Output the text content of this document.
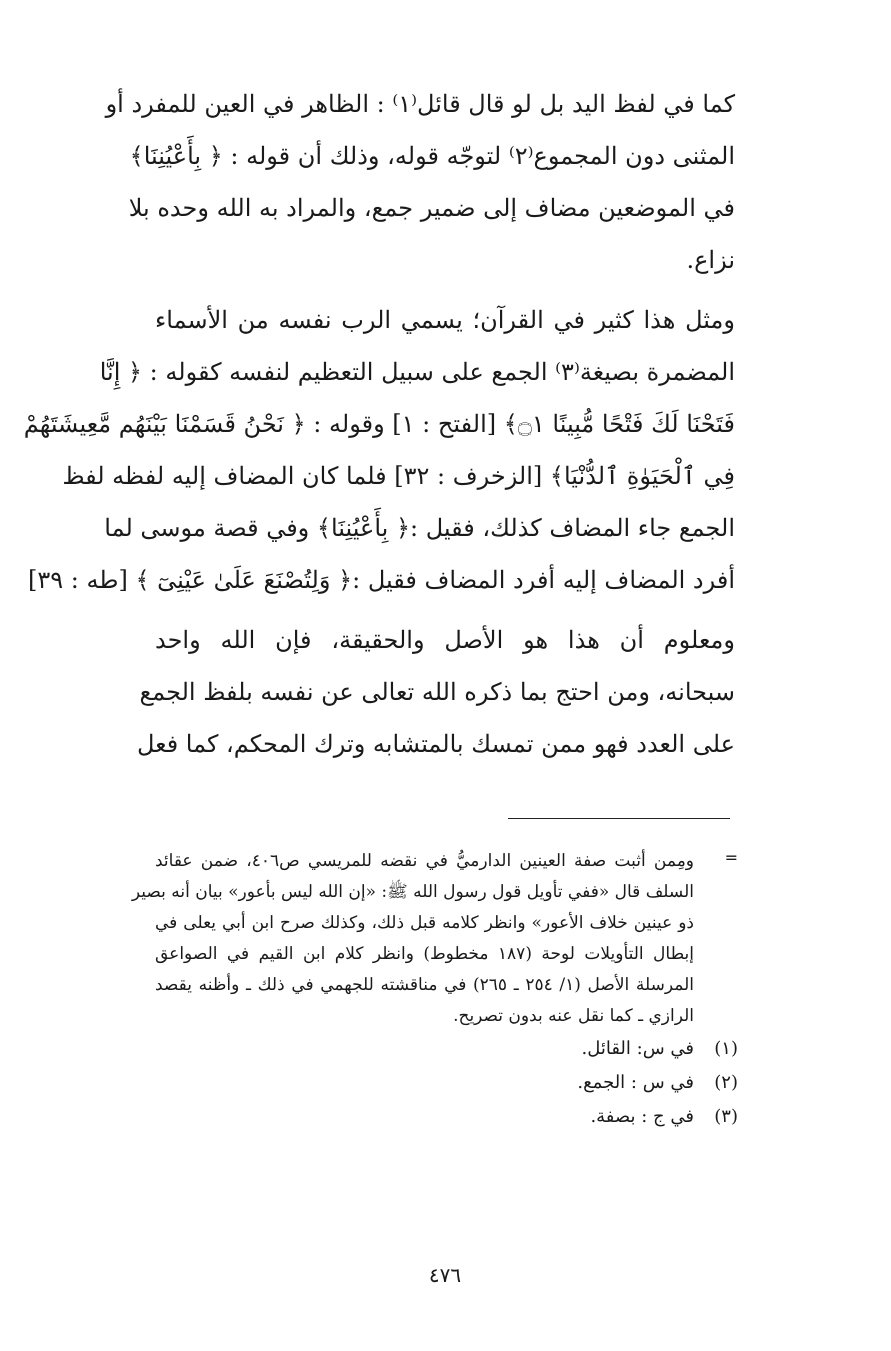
كما في لفظ اليد بل لو قال قائل⁽١⁾ : الظاهر في العين للمفرد أو
المثنى دون المجموع⁽٢⁾ لتوجّه قوله، وذلك أن قوله : ﴿ بِأَعْيُنِنَا﴾
في الموضعين مضاف إلى ضمير جمع، والمراد به الله وحده بلا
نزاع.
ومثل هذا كثير في القرآن؛ يسمي الرب نفسه من الأسماء
المضمرة بصيغة⁽٣⁾ الجمع على سبيل التعظيم لنفسه كقوله : ﴿ إِنَّا
فَتَحْنَا لَكَ فَتْحًا مُّبِينًا ۝١﴾ [الفتح : ١] وقوله : ﴿ نَحْنُ قَسَمْنَا بَيْنَهُم مَّعِيشَتَهُمْ
فِي ٱلْحَيَوٰةِ ٱلدُّنْيَا﴾ [الزخرف : ٣٢] فلما كان المضاف إليه لفظه لفظ
الجمع جاء المضاف كذلك، فقيل :﴿ بِأَعْيُنِنَا﴾ وفي قصة موسى لما
أفرد المضاف إليه أفرد المضاف فقيل :﴿ وَلِتُصْنَعَ عَلَىٰ عَيْنِىٓ ﴾ [طه : ٣٩]
ومعلوم أن هذا هو الأصل والحقيقة، فإن الله واحد
سبحانه، ومن احتج بما ذكره الله تعالى عن نفسه بلفظ الجمع
على العدد فهو ممن تمسك بالمتشابه وترك المحكم، كما فعل
=
ومِمن أثبت صفة العينين الدارميُّ في نقضه للمريسي ص٤٠٦، ضمن عقائد
السلف قال «ففي تأويل قول رسول الله ﷺ: «إن الله ليس بأعور» بيان أنه بصير
ذو عينين خلاف الأعور» وانظر كلامه قبل ذلك، وكذلك صرح ابن أبي يعلى في
إبطال التأويلات لوحة (١٨٧ مخطوط) وانظر كلام ابن القيم في الصواعق
المرسلة الأصل (١/ ٢٥٤ ـ ٢٦٥) في مناقشته للجهمي في ذلك ـ وأظنه يقصد
الرازي ـ كما نقل عنه بدون تصريح.
(١)
في س: القائل.
(٢)
في س : الجمع.
(٣)
في ج : بصفة.
٤٧٦
